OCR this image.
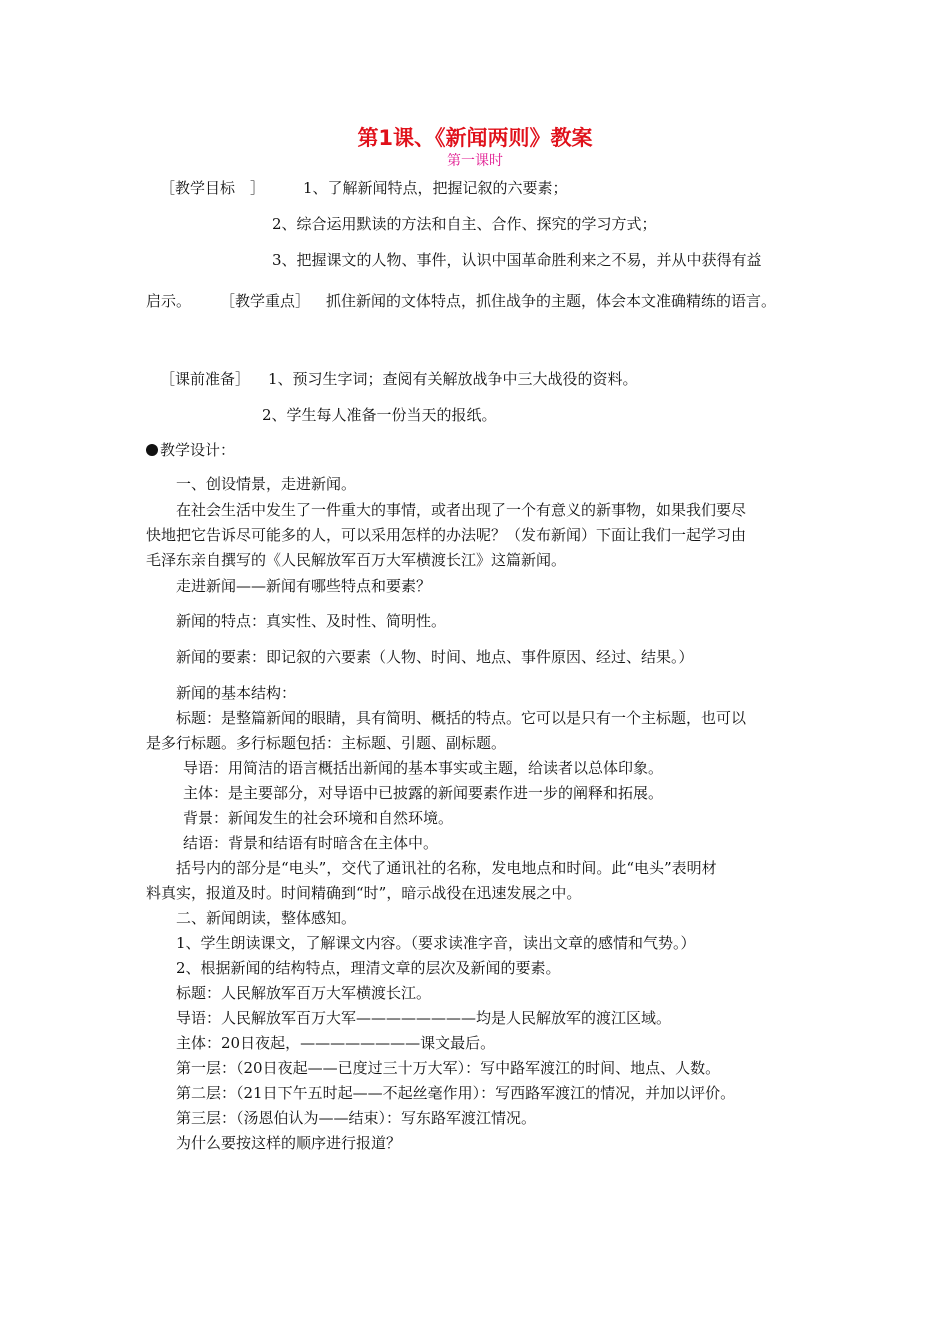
第1课、《新闻两则》教案
第一课时

［教学目标　］	1、了解新闻特点，把握记叙的六要素；

2、综合运用默读的方法和自主、合作、探究的学习方式；

3、把握课文的人物、事件，认识中国革命胜利来之不易，并从中获得有益

启示。 ［教学重点］ 抓住新闻的文体特点，抓住战争的主题，体会本文准确精练的语言。

［课前准备］ 1、预习生字词；查阅有关解放战争中三大战役的资料。

2、学生每人准备一份当天的报纸。

教学设计：

一、创设情景，走进新闻。

在社会生活中发生了一件重大的事情，或者出现了一个有意义的新事物，如果我们要尽

快地把它告诉尽可能多的人，可以采用怎样的办法呢？（发布新闻）下面让我们一起学习由

毛泽东亲自撰写的《人民解放军百万大军横渡长江》这篇新闻。

走进新闻——新闻有哪些特点和要素？

新闻的特点：真实性、及时性、简明性。

新闻的要素：即记叙的六要素（人物、时间、地点、事件原因、经过、结果。）

新闻的基本结构：

标题：是整篇新闻的眼睛，具有简明、概括的特点。它可以是只有一个主标题，也可以

是多行标题。多行标题包括：主标题、引题、副标题。

导语：用简洁的语言概括出新闻的基本事实或主题，给读者以总体印象。

主体：是主要部分，对导语中已披露的新闻要素作进一步的阐释和拓展。

背景：新闻发生的社会环境和自然环境。

结语：背景和结语有时暗含在主体中。

括号内的部分是“电头”，交代了通讯社的名称，发电地点和时间。此“电头”表明材

料真实，报道及时。时间精确到“时”，暗示战役在迅速发展之中。

二、新闻朗读，整体感知。

1、学生朗读课文，了解课文内容。（要求读准字音，读出文章的感情和气势。）

2、根据新闻的结构特点，理清文章的层次及新闻的要素。

标题：人民解放军百万大军横渡长江。

导语：人民解放军百万大军————————均是人民解放军的渡江区域。

主体：20日夜起，————————课文最后。

第一层：（20日夜起——已度过三十万大军）：写中路军渡江的时间、地点、人数。

第二层：（21日下午五时起——不起丝毫作用）：写西路军渡江的情况，并加以评价。

第三层：（汤恩伯认为——结束）：写东路军渡江情况。

为什么要按这样的顺序进行报道？
